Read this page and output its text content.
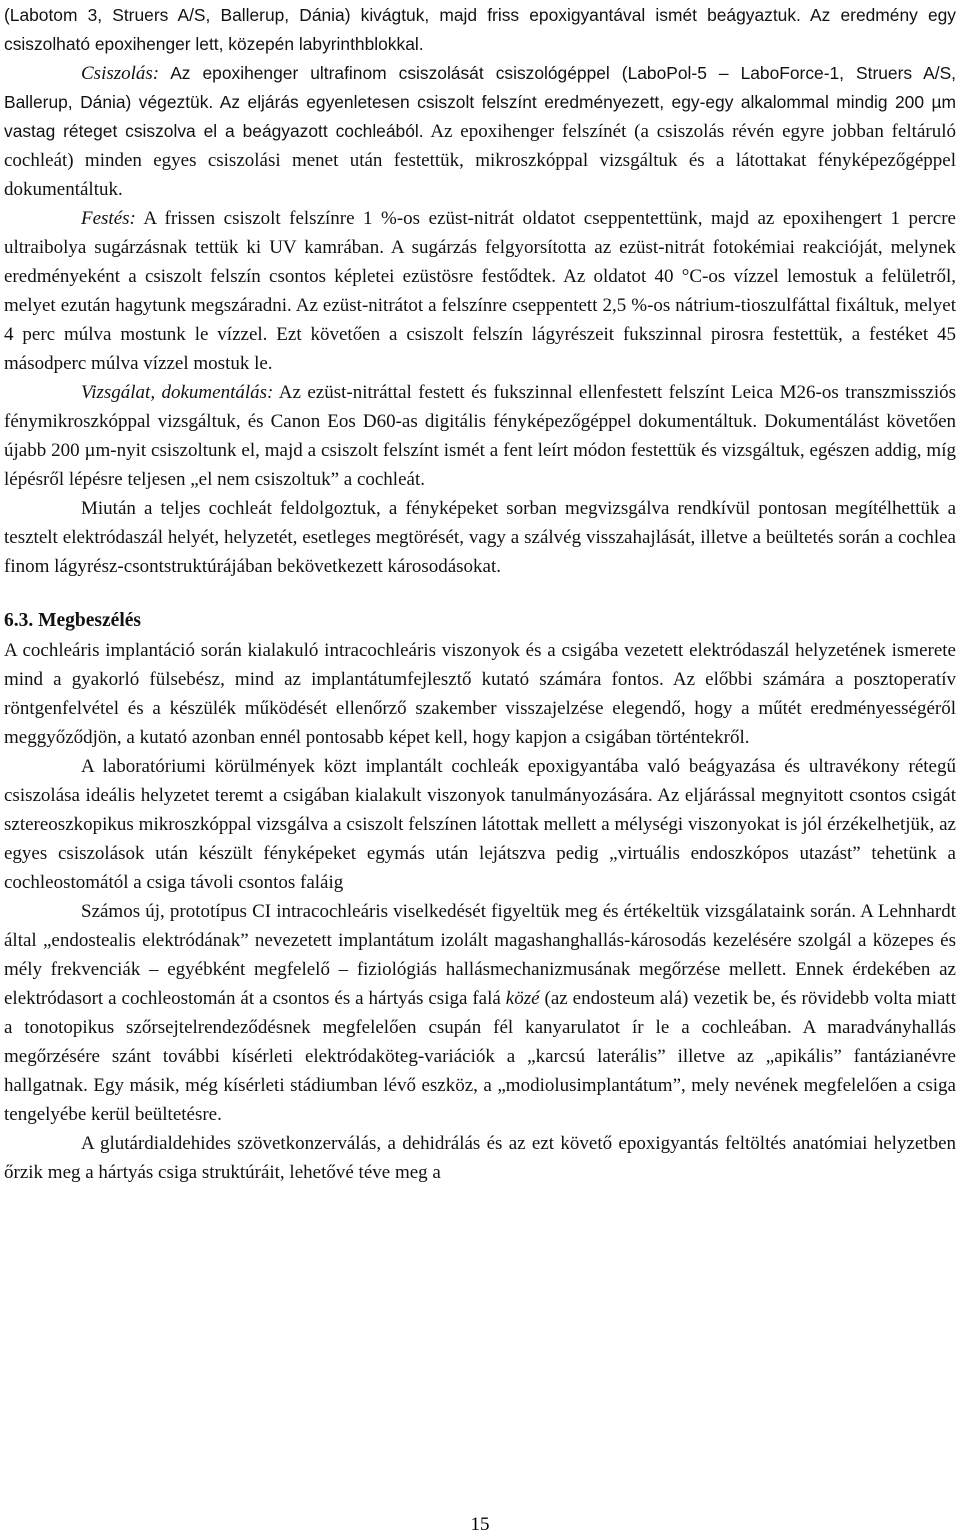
(Labotom 3, Struers A/S, Ballerup, Dánia) kivágtuk, majd friss epoxigyantával ismét beágyaztuk. Az eredmény egy csiszolható epoxihenger lett, közepén labyrinthblokkal.

Csiszolás: Az epoxihenger ultrafinom csiszolását csiszológéppel (LaboPol-5 – LaboForce-1, Struers A/S, Ballerup, Dánia) végeztük. Az eljárás egyenletesen csiszolt felszínt eredményezett, egy-egy alkalommal mindig 200 µm vastag réteget csiszolva el a beágyazott cochleából. Az epoxihenger felszínét (a csiszolás révén egyre jobban feltáruló cochleát) minden egyes csiszolási menet után festettük, mikroszkóppal vizsgáltuk és a látottakat fényképezőgéppel dokumentáltuk.

Festés: A frissen csiszolt felszínre 1 %-os ezüst-nitrát oldatot cseppentettünk, majd az epoxihengert 1 percre ultraibolya sugárzásnak tettük ki UV kamrában. A sugárzás felgyorsította az ezüst-nitrát fotokémiai reakcióját, melynek eredményeként a csiszolt felszín csontos képletei ezüstösre festődtek. Az oldatot 40 °C-os vízzel lemostuk a felületről, melyet ezután hagytunk megszáradni. Az ezüst-nitrátot a felszínre cseppentett 2,5 %-os nátrium-tioszulfáttal fixáltuk, melyet 4 perc múlva mostunk le vízzel. Ezt követően a csiszolt felszín lágyrészeit fukszinnal pirosra festettük, a festéket 45 másodperc múlva vízzel mostuk le.

Vizsgálat, dokumentálás: Az ezüst-nitráttal festett és fukszinnal ellenfestett felszínt Leica M26-os transzmissziós fénymikroszkóppal vizsgáltuk, és Canon Eos D60-as digitális fényképezőgéppel dokumentáltuk. Dokumentálást követően újabb 200 µm-nyit csiszoltunk el, majd a csiszolt felszínt ismét a fent leírt módon festettük és vizsgáltuk, egészen addig, míg lépésről lépésre teljesen „el nem csiszoltuk” a cochleát.

Miután a teljes cochleát feldolgoztuk, a fényképeket sorban megvizsgálva rendkívül pontosan megítélhettük a tesztelt elektródaszál helyét, helyzetét, esetleges megtörését, vagy a szálvég visszahajlását, illetve a beültetés során a cochlea finom lágyrész-csontstruktúrájában bekövetkezett károsodásokat.

6.3. Megbeszélés

A cochleáris implantáció során kialakuló intracochleáris viszonyok és a csigába vezetett elektródaszál helyzetének ismerete mind a gyakorló fülsebész, mind az implantátumfejlesztő kutató számára fontos. Az előbbi számára a posztoperatív röntgenfelvétel és a készülék működését ellenőrző szakember visszajelzése elegendő, hogy a műtét eredményességéről meggyőződjön, a kutató azonban ennél pontosabb képet kell, hogy kapjon a csigában történtekről.

A laboratóriumi körülmények közt implantált cochleák epoxigyantába való beágyazása és ultravékony rétegű csiszolása ideális helyzetet teremt a csigában kialakult viszonyok tanulmányozására. Az eljárással megnyitott csontos csigát sztereoszkopikus mikroszkóppal vizsgálva a csiszolt felszínen látottak mellett a mélységi viszonyokat is jól érzékelhetjük, az egyes csiszolások után készült fényképeket egymás után lejátszva pedig „virtuális endoszkópos utazást” tehetünk a cochleostomától a csiga távoli csontos faláig

Számos új, prototípus CI intracochleáris viselkedését figyeltük meg és értékeltük vizsgálataink során. A Lehnhardt által „endostealis elektródának” nevezetett implantátum izolált magashanghallás-károsodás kezelésére szolgál a közepes és mély frekvenciák – egyébként megfelelő – fiziológiás hallásmechanizmusának megőrzése mellett. Ennek érdekében az elektródasort a cochleostomán át a csontos és a hártyás csiga falá közé (az endosteum alá) vezetik be, és rövidebb volta miatt a tonotopikus szőrsejtelrendeződésnek megfelelően csupán fél kanyarulatot ír le a cochleában. A maradványhallás megőrzésére szánt további kísérleti elektródaköteg-variációk a „karcsú laterális” illetve az „apikális” fantázianévre hallgatnak. Egy másik, még kísérleti stádiumban lévő eszköz, a „modiolusimplantátum”, mely nevének megfelelően a csiga tengelyébe kerül beültetésre.

A glutárdialdehides szövetkonzerválás, a dehidrálás és az ezt követő epoxigyantás feltöltés anatómiai helyzetben őrzik meg a hártyás csiga struktúráit, lehetővé téve meg a

15
